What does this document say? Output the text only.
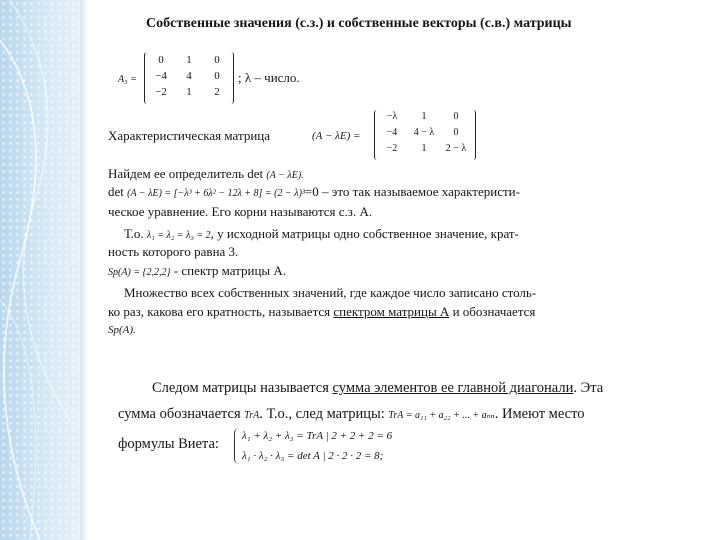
Собственные значения (с.з.) и собственные векторы (с.в.) матрицы
A₃ =
0	1	0
−4	4	0
−2	1	2
; λ – число.
Характеристическая матрица	(A − λE) =
−λ	1	0
−4	4 − λ	0
−2	1	2 − λ
Найдем ее определитель det (A − λE).
det (A − λE) = [−λ³ + 6λ² − 12λ + 8] = (2 − λ)³=0 – это так называемое характеристи-
ческое уравнение. Его корни называются с.з. А.
Т.о. λ₁ = λ₂ = λ₃ = 2, у исходной матрицы одно собственное значение, крат-
ность которого равна 3.
Sp(A) = {2,2,2} - спектр матрицы А.
Множество всех собственных значений, где каждое число записано столь-
ко раз, какова его кратность, называется спектром матрицы А и обозначается
Sp(A).
Следом матрицы называется сумма элементов ее главной диагонали. Эта
сумма обозначается TrA. Т.о., след матрицы: TrA = a₁₁ + a₂₂ + ... + aₙₙ. Имеют место
формулы Виета: λ₁ + λ₂ + λ₃ = TrA | 2 + 2 + 2 = 6
λ₁ · λ₂ · λ₃ = det A | 2 · 2 · 2 = 8;
